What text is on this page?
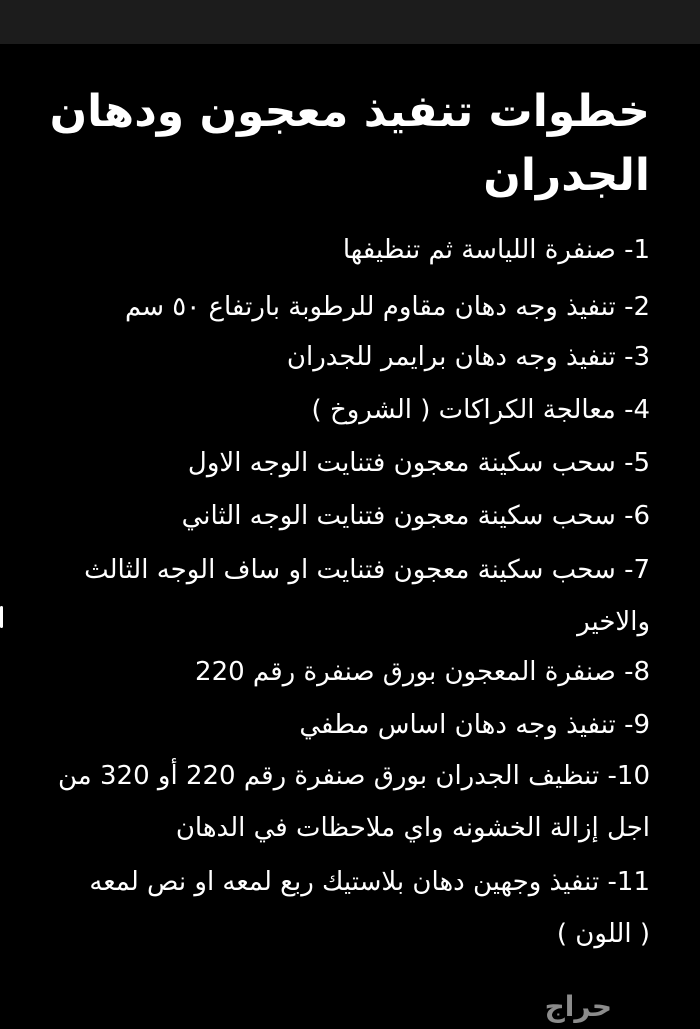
خطوات تنفيذ معجون ودهان الجدران
1- صنفرة اللياسة ثم تنظيفها
2- تنفيذ وجه دهان مقاوم للرطوبة بارتفاع ٥٠ سم
3- تنفيذ وجه دهان برايمر للجدران
4- معالجة الكراكات ( الشروخ )
5- سحب سكينة معجون فتنايت الوجه الاول
6- سحب سكينة معجون فتنايت الوجه الثاني
7- سحب سكينة معجون فتنايت او ساف الوجه الثالث
والاخير
8- صنفرة المعجون بورق صنفرة رقم 220
9- تنفيذ وجه دهان اساس مطفي
10- تنظيف الجدران بورق صنفرة رقم 220 أو 320 من
اجل إزالة الخشونه واي ملاحظات في الدهان
11- تنفيذ وجهين دهان بلاستيك ربع لمعه او نص لمعه
( اللون )
حراج
